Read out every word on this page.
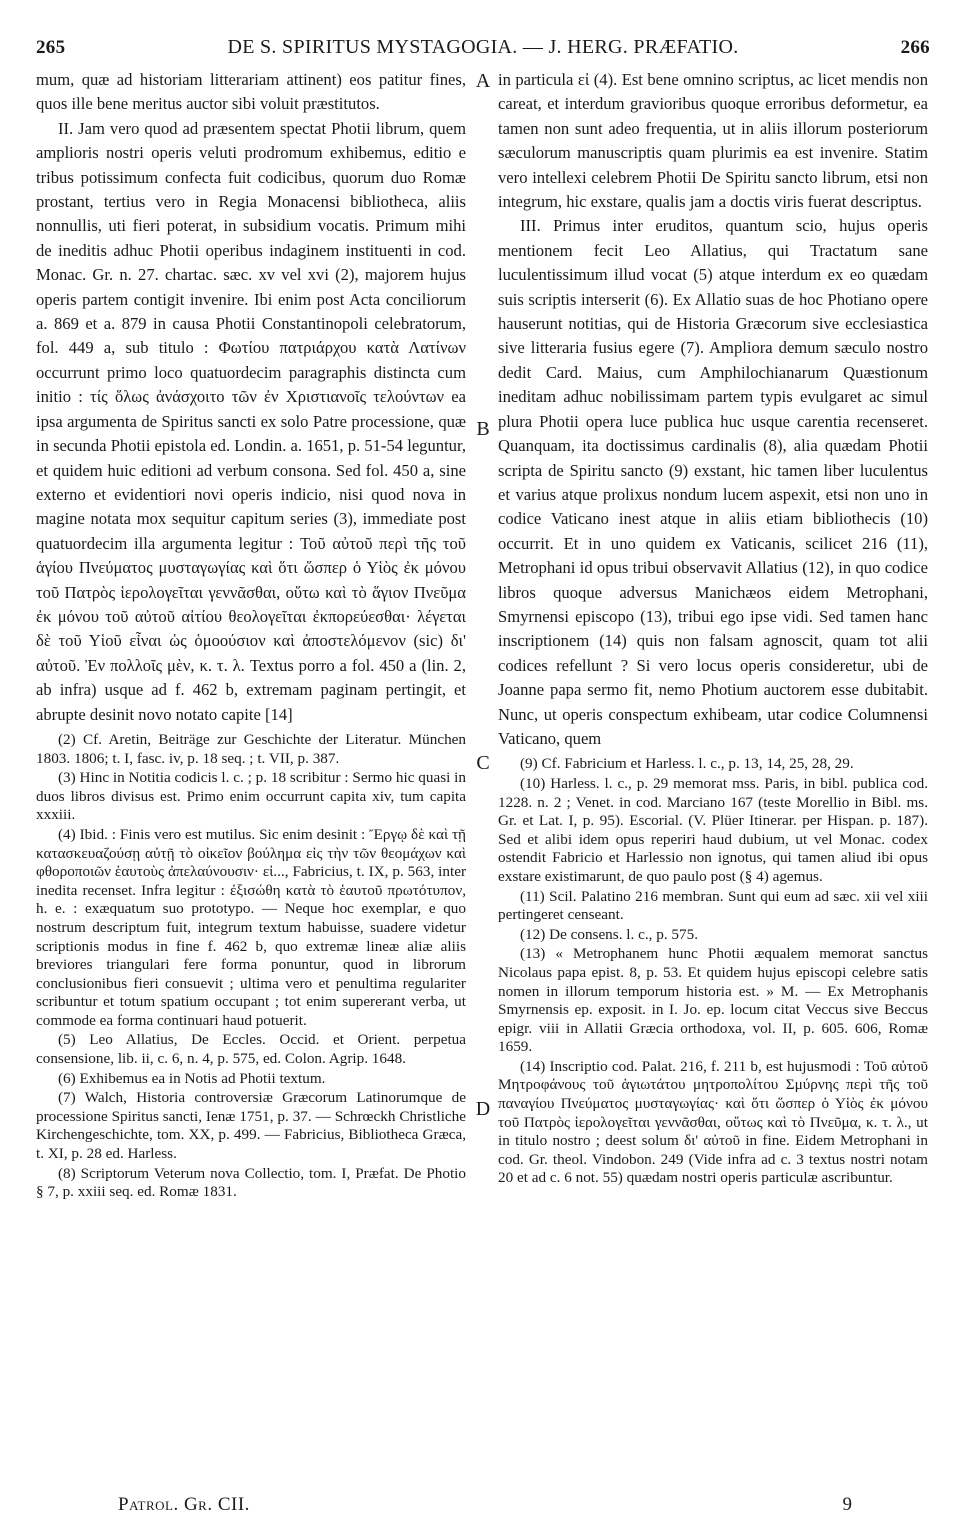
265	DE S. SPIRITUS MYSTAGOGIA. — J. HERG. PRÆFATIO.	266

mum, quæ ad historiam litterariam attinent) eos patitur fines, quos ille bene meritus auctor sibi voluit præstitutos.

II. Jam vero quod ad præsentem spectat Photii librum, quem amplioris nostri operis veluti prodromum exhibemus, editio e tribus potissimum confecta fuit codicibus, quorum duo Romæ prostant, tertius vero in Regia Monacensi bibliotheca, aliis nonnullis, uti fieri poterat, in subsidium vocatis. Primum mihi de ineditis adhuc Photii operibus indaginem instituenti in cod. Monac. Gr. n. 27. chartac. sæc. xv vel xvi (2), majorem hujus operis partem contigit invenire. Ibi enim post Acta conciliorum a. 869 et a. 879 in causa Photii Constantinopoli celebratorum, fol. 449 a, sub titulo : Φωτίου πατριάρχου κατὰ Λατίνων occurrunt primo loco quatuordecim paragraphis distincta cum initio : τίς ὅλως ἀνάσχοιτο τῶν ἐν Χριστιανοῖς τελούντων ea ipsa argumenta de Spiritus sancti ex solo Patre processione, quæ in secunda Photii epistola ed. Londin. a. 1651, p. 51-54 leguntur, et quidem huic editioni ad verbum consona. Sed fol. 450 a, sine externo et evidentiori novi operis indicio, nisi quod nova in magine notata mox sequitur capitum series (3), immediate post quatuordecim illa argumenta legitur : Τοῦ αὐτοῦ περὶ τῆς τοῦ ἁγίου Πνεύματος μυσταγωγίας καὶ ὅτι ὥσπερ ὁ Υἱὸς ἐκ μόνου τοῦ Πατρὸς ἱερολογεῖται γεννᾶσθαι, οὕτω καὶ τὸ ἅγιον Πνεῦμα ἐκ μόνου τοῦ αὐτοῦ αἰτίου θεολογεῖται ἐκπορεύεσθαι· λέγεται δὲ τοῦ Υἱοῦ εἶναι ὡς ὁμοούσιον καὶ ἀποστελόμενον (sic) δι' αὐτοῦ. Ἐν πολλοῖς μὲν, κ. τ. λ. Textus porro a fol. 450 a (lin. 2, ab infra) usque ad f. 462 b, extremam paginam pertingit, et abrupte desinit novo notato capite [14]

(2) Cf. Aretin, Beiträge zur Geschichte der Literatur. München 1803. 1806; t. I, fasc. iv, p. 18 seq. ; t. VII, p. 387.

(3) Hinc in Notitia codicis l. c. ; p. 18 scribitur : Sermo hic quasi in duos libros divisus est. Primo enim occurrunt capita xiv, tum capita xxxiii.

(4) Ibid. : Finis vero est mutilus. Sic enim desinit : Ἔργῳ δὲ καὶ τῇ κατασκευαζούσῃ αὐτῇ τὸ οἰκεῖον βούλημα εἰς τὴν τῶν θεομάχων καὶ φθοροποιῶν ἑαυτοὺς ἀπελαύνουσιν· εἰ..., Fabricius, t. IX, p. 563, inter inedita recenset. Infra legitur : ἐξισώθη κατὰ τὸ ἑαυτοῦ πρωτότυπον, h. e. : exæquatum suo prototypo. — Neque hoc exemplar, e quo nostrum descriptum fuit, integrum textum habuisse, suadere videtur scriptionis modus in fine f. 462 b, quo extremæ lineæ aliæ aliis breviores triangulari fere forma ponuntur, quod in librorum conclusionibus fieri consuevit ; ultima vero et penultima regulariter scribuntur et totum spatium occupant ; tot enim supererant verba, ut commode ea forma continuari haud potuerit.

(5) Leo Allatius, De Eccles. Occid. et Orient. perpetua consensione, lib. ii, c. 6, n. 4, p. 575, ed. Colon. Agrip. 1648.

(6) Exhibemus ea in Notis ad Photii textum.

(7) Walch, Historia controversiæ Græcorum Latinorumque de processione Spiritus sancti, Ienæ 1751, p. 37. — Schrœckh Christliche Kirchengeschichte, tom. XX, p. 499. — Fabricius, Bibliotheca Græca, t. XI, p. 28 ed. Harless.

(8) Scriptorum Veterum nova Collectio, tom. I, Præfat. De Photio § 7, p. xxiii seq. ed. Romæ 1831.

A
B
C
D

in particula εἰ (4). Est bene omnino scriptus, ac licet mendis non careat, et interdum gravioribus quoque erroribus deformetur, ea tamen non sunt adeo frequentia, ut in aliis illorum posteriorum sæculorum manuscriptis quam plurimis ea est invenire. Statim vero intellexi celebrem Photii De Spiritu sancto librum, etsi non integrum, hic exstare, qualis jam a doctis viris fuerat descriptus.

III. Primus inter eruditos, quantum scio, hujus operis mentionem fecit Leo Allatius, qui Tractatum sane luculentissimum illud vocat (5) atque interdum ex eo quædam suis scriptis interserit (6). Ex Allatio suas de hoc Photiano opere hauserunt notitias, qui de Historia Græcorum sive ecclesiastica sive litteraria fusius egere (7). Ampliora demum sæculo nostro dedit Card. Maius, cum Amphilochianarum Quæstionum ineditam adhuc nobilissimam partem typis evulgaret ac simul plura Photii opera luce publica huc usque carentia recenseret. Quanquam, ita doctissimus cardinalis (8), alia quædam Photii scripta de Spiritu sancto (9) exstant, hic tamen liber luculentus et varius atque prolixus nondum lucem aspexit, etsi non uno in codice Vaticano inest atque in aliis etiam bibliothecis (10) occurrit. Et in uno quidem ex Vaticanis, scilicet 216 (11), Metrophani id opus tribui observavit Allatius (12), in quo codice libros quoque adversus Manichæos eidem Metrophani, Smyrnensi episcopo (13), tribui ego ipse vidi. Sed tamen hanc inscriptionem (14) quis non falsam agnoscit, quam tot alii codices refellunt ? Si vero locus operis consideretur, ubi de Joanne papa sermo fit, nemo Photium auctorem esse dubitabit. Nunc, ut operis conspectum exhibeam, utar codice Columnensi Vaticano, quem

(9) Cf. Fabricium et Harless. l. c., p. 13, 14, 25, 28, 29.

(10) Harless. l. c., p. 29 memorat mss. Paris, in bibl. publica cod. 1228. n. 2 ; Venet. in cod. Marciano 167 (teste Morellio in Bibl. ms. Gr. et Lat. I, p. 95). Escorial. (V. Plüer Itinerar. per Hispan. p. 187). Sed et alibi idem opus reperiri haud dubium, ut vel Monac. codex ostendit Fabricio et Harlessio non ignotus, qui tamen aliud ibi opus exstare existimarunt, de quo paulo post (§ 4) agemus.

(11) Scil. Palatino 216 membran. Sunt qui eum ad sæc. xii vel xiii pertingeret censeant.

(12) De consens. l. c., p. 575.

(13) « Metrophanem hunc Photii æqualem memorat sanctus Nicolaus papa epist. 8, p. 53. Et quidem hujus episcopi celebre satis nomen in illorum temporum historia est. » M. — Ex Metrophanis Smyrnensis ep. exposit. in I. Jo. ep. locum citat Veccus sive Beccus epigr. viii in Allatii Græcia orthodoxa, vol. II, p. 605. 606, Romæ 1659.

(14) Inscriptio cod. Palat. 216, f. 211 b, est hujusmodi : Τοῦ αὐτοῦ Μητροφάνους τοῦ ἁγιωτάτου μητροπολίτου Σμύρνης περὶ τῆς τοῦ παναγίου Πνεύματος μυσταγωγίας· καὶ ὅτι ὥσπερ ὁ Υἱὸς ἐκ μόνου τοῦ Πατρὸς ἱερολογεῖται γεννᾶσθαι, οὕτως καὶ τὸ Πνεῦμα, κ. τ. λ., ut in titulo nostro ; deest solum δι' αὐτοῦ in fine. Eidem Metrophani in cod. Gr. theol. Vindobon. 249 (Vide infra ad c. 3 textus nostri notam 20 et ad c. 6 not. 55) quædam nostri operis particulæ ascribuntur.

Patrol. Gr. CII.	9
